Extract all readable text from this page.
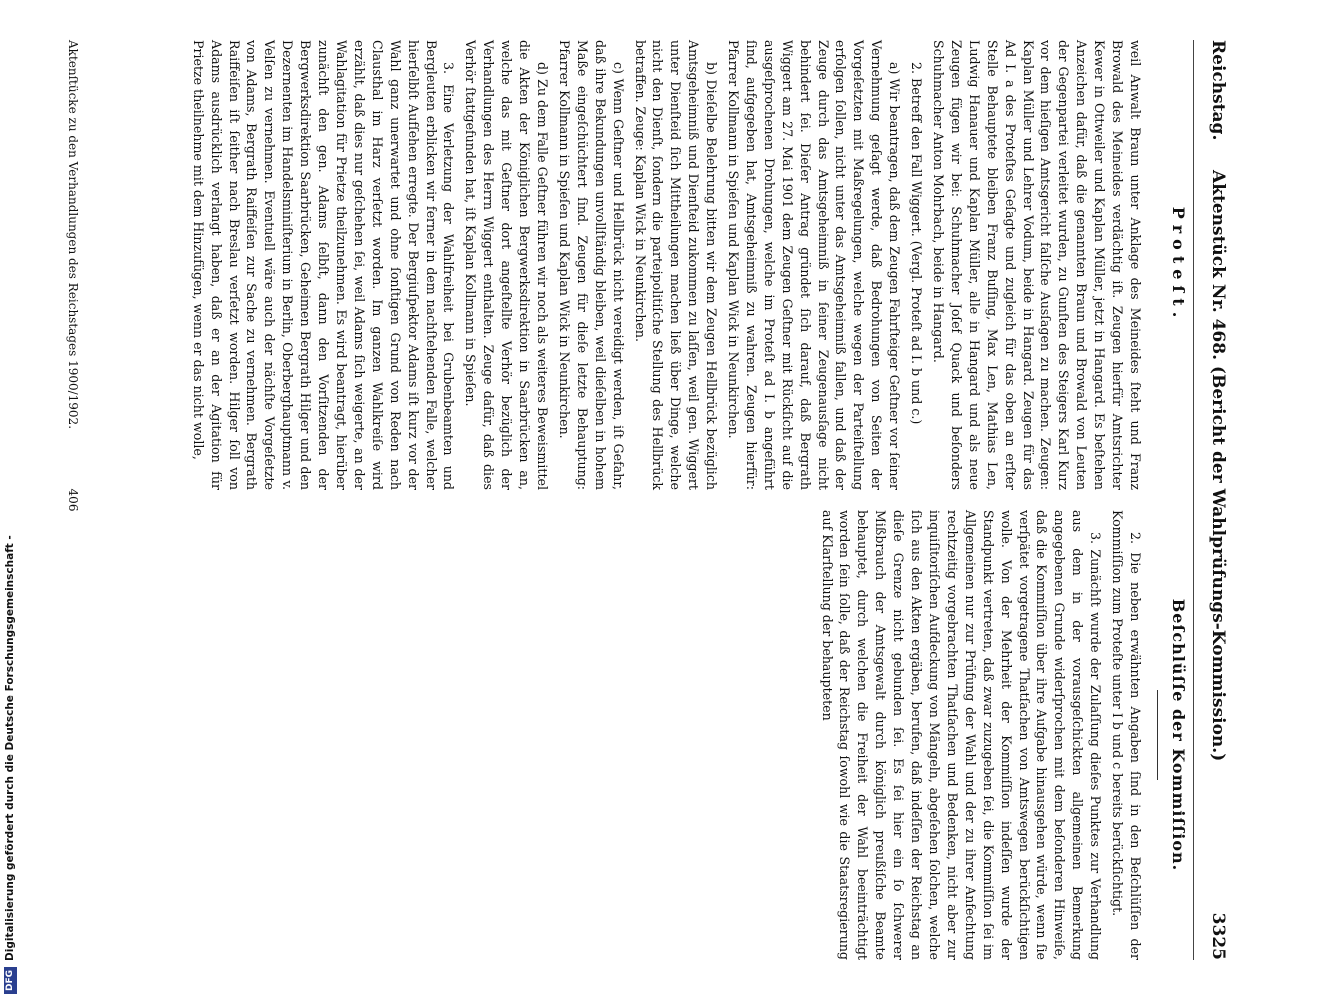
Reichstag.
Aktenstück Nr. 468. (Bericht der Wahlprüfungs-Kommission.)
3325
Proteſt.
Beſchlüſſe der Kommiſſion.

weil Anwalt Braun unter Anklage des Meineides ſteht und Franz Browald des Meineides verdächtig iſt. Zeugen hierfür Amtsrichter Kewer in Ottweiler und Kaplan Müller, jetzt in Hangard. Es beſtehen Anzeichen dafür, daß die genannten Braun und Browald von Leuten der Gegenpartei verleitet wurden, zu Gunſten des Steigers Karl Kurz vor dem hieſigen Amtsgericht falſche Ausſagen zu machen. Zeugen: Kaplan Müller und Lehrer Vodum, beide in Hangard. Zeugen für das Ad I. a des Proteſtes Geſagte und zugleich für das oben an erſter Stelle Behauptete bleiben Franz Buſſing, Max Len, Mathias Len, Ludwig Hanauer und Kaplan Müller, alle in Hangard und als neue Zeugen fügen wir bei: Schuhmacher Joſef Quack und beſonders Schuhmacher Anton Mohrbach, beide in Hangard.

2. Betreff den Fall Wiggert. (Vergl. Proteſt ad I. b und c.)

a) Wir beantragen, daß dem Zeugen Fahrſteiger Geſtner vor ſeiner Vernehmung geſagt werde, daß Bedrohungen von Seiten der Vorgeſetzten mit Maßregelungen, welche wegen der Parteiſtellung erfolgen ſollen, nicht unter das Amtsgeheimniß fallen, und daß der Zeuge durch das Amtsgeheimniß in ſeiner Zeugenausſage nicht behindert ſei. Dieſer Antrag gründet ſich darauf, daß Bergrath Wiggert am 27. Mai 1901 dem Zeugen Geſtner mit Rückſicht auf die ausgeſprochenen Drohungen, welche im Proteſt ad I. b angeführt ſind, aufgegeben hat, Amtsgeheimniß zu wahren. Zeugen hierfür: Pfarrer Kollmann in Spieſen und Kaplan Wick in Neunkirchen.

b) Dieſelbe Belehrung bitten wir dem Zeugen Hellbrück bezüglich Amtsgeheimniß und Dienſteid zukommen zu laſſen, weil gen. Wiggert unter Dienſteid ſich Mittheilungen machen ließ über Dinge, welche nicht den Dienſt, ſondern die parteipolitiſche Stellung des Hellbrück betraffen. Zeuge: Kaplan Wick in Neunkirchen.

c) Wenn Geſtner und Hellbrück nicht vereidigt werden, iſt Gefahr, daß ihre Bekundungen unvollſtändig bleiben, weil dieſelben in hohem Maße eingeſchüchtert ſind. Zeugen für dieſe letzte Behauptung: Pfarrer Kollmann in Spieſen und Kaplan Wick in Neunkirchen.

d) Zu dem Falle Geſtner führen wir noch als weiteres Beweismittel die Akten der Königlichen Bergwerksdirektion in Saarbrücken an, welche das mit Geſtner dort angeſtellte Verhör bezüglich der Verhandlungen des Herrn Wiggert enthalten. Zeuge dafür, daß dies Verhör ſtattgefunden hat, iſt Kaplan Kollmann in Spieſen.

3. Eine Verletzung der Wahlfreiheit bei Grubenbeamten und Bergleuten erblicken wir ferner in dem nachſtehenden Falle, welcher hierſelbſt Aufſehen erregte. Der Bergiuſpektor Adams iſt kurz vor der Wahl ganz unerwartet und ohne ſonſtigen Grund von Reden nach Clausthal im Harz verſetzt worden. Im ganzen Wahlkreiſe wird erzählt, daß dies nur geſchehen ſei, weil Adams ſich weigerte, an der Wahlagitation für Prietze theilzunehmen. Es wird beantragt, hierüber zunächſt den gen. Adams ſelbſt, dann den Vorſitzenden der Bergwerksdirektion Saarbrücken, Geheimen Bergrath Hilger und den Dezernenten im Handelsminiſterium in Berlin, Oberberghauptmann v. Velſen zu vernehmen. Eventuell wäre auch der nächſte Vorgeſetzte von Adams, Bergrath Raiffeiſen zur Sache zu vernehmen. Bergrath Raiffeiſen iſt ſeither nach Breslau verſetzt worden. Hilger ſoll von Adams ausdrücklich verlangt haben, daß er an der Agitation für Prietze theilnehme mit dem Hinzufügen, wenn er das nicht wolle,

2. Die neben erwähnten Angaben ſind in den Beſchlüſſen der Kommiſſion zum Proteſte unter I b und c bereits berückſichtigt.

3. Zunächſt wurde der Zulaſſung dieſes Punktes zur Verhandlung aus dem in der vorausgeſchickten allgemeinen Bemerkung angegebenen Grunde widerſprochen mit dem beſonderen Hinweiſe, daß die Kommiſſion über ihre Aufgabe hinausgehen würde, wenn ſie verſpätet vorgetragene Thatſachen von Amtswegen berückſichtigen wolle. Von der Mehrheit der Kommiſſion indeſſen wurde der Standpunkt vertreten, daß zwar zuzugeben ſei, die Kommiſſion ſei im Allgemeinen nur zur Prüfung der Wahl und der zu ihrer Anfechtung rechtzeitig vorgebrachten Thatſachen und Bedenken, nicht aber zur inquiſitoriſchen Aufdeckung von Mängeln, abgeſehen ſolchen, welche ſich aus den Akten ergäben, berufen, daß indeſſen der Reichstag an dieſe Grenze nicht gebunden ſei. Es ſei hier ein ſo ſchwerer Mißbrauch der Amtsgewalt durch königlich preußiſche Beamte behauptet, durch welchen die Freiheit der Wahl beeinträchtigt worden ſein ſolle, daß der Reichstag ſowohl wie die Staatsregierung auf Klarſtellung der behaupteten

Aktenſtücke zu den Verhandlungen des Reichstages 1900/1902.
406
DFGDigitalisierung gefördert durch die Deutsche Forschungsgemeinschaft -
